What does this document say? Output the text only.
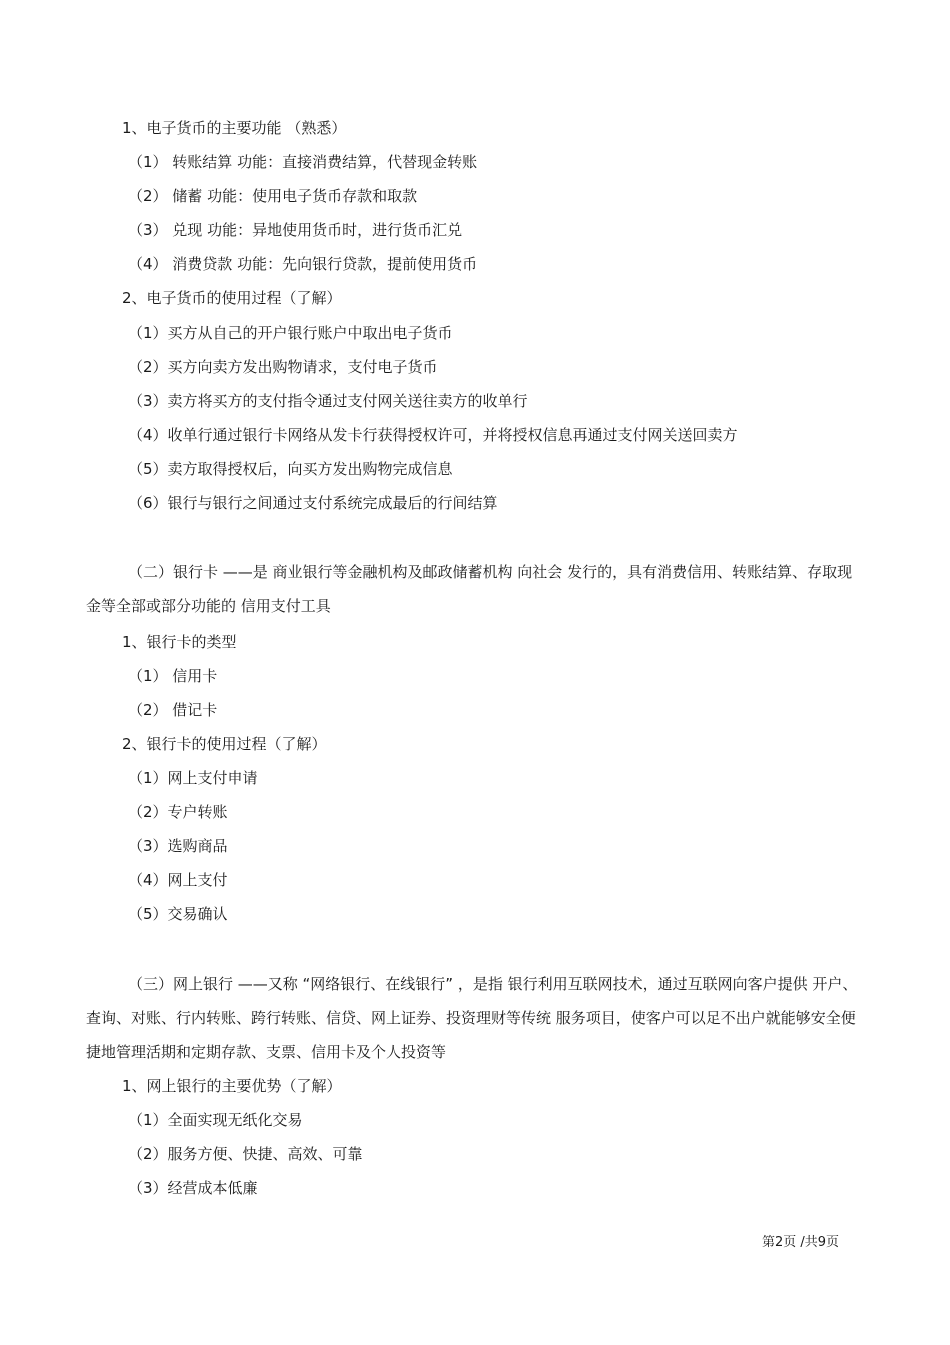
1、电子货币的主要功能 （熟悉）
（1） 转账结算 功能：直接消费结算，代替现金转账
（2） 储蓄 功能：使用电子货币存款和取款
（3） 兑现 功能：异地使用货币时，进行货币汇兑
（4） 消费贷款 功能：先向银行贷款，提前使用货币
2、电子货币的使用过程（了解）
（1）买方从自己的开户银行账户中取出电子货币
（2）买方向卖方发出购物请求，支付电子货币
（3）卖方将买方的支付指令通过支付网关送往卖方的收单行
（4）收单行通过银行卡网络从发卡行获得授权许可，并将授权信息再通过支付网关送回卖方
（5）卖方取得授权后，向买方发出购物完成信息
（6）银行与银行之间通过支付系统完成最后的行间结算
（二）银行卡 ——是 商业银行等金融机构及邮政储蓄机构 向社会 发行的，具有消费信用、转账结算、存取现金等全部或部分功能的 信用支付工具
1、银行卡的类型
（1） 信用卡
（2） 借记卡
2、银行卡的使用过程（了解）
（1）网上支付申请
（2）专户转账
（3）选购商品
（4）网上支付
（5）交易确认
（三）网上银行 ——又称 “网络银行、在线银行” ，是指 银行利用互联网技术，通过互联网向客户提供 开户、查询、对账、行内转账、跨行转账、信贷、网上证券、投资理财等传统 服务项目，使客户可以足不出户就能够安全便捷地管理活期和定期存款、支票、信用卡及个人投资等
1、网上银行的主要优势（了解）
（1）全面实现无纸化交易
（2）服务方便、快捷、高效、可靠
（3）经营成本低廉
第2页 /共9页
